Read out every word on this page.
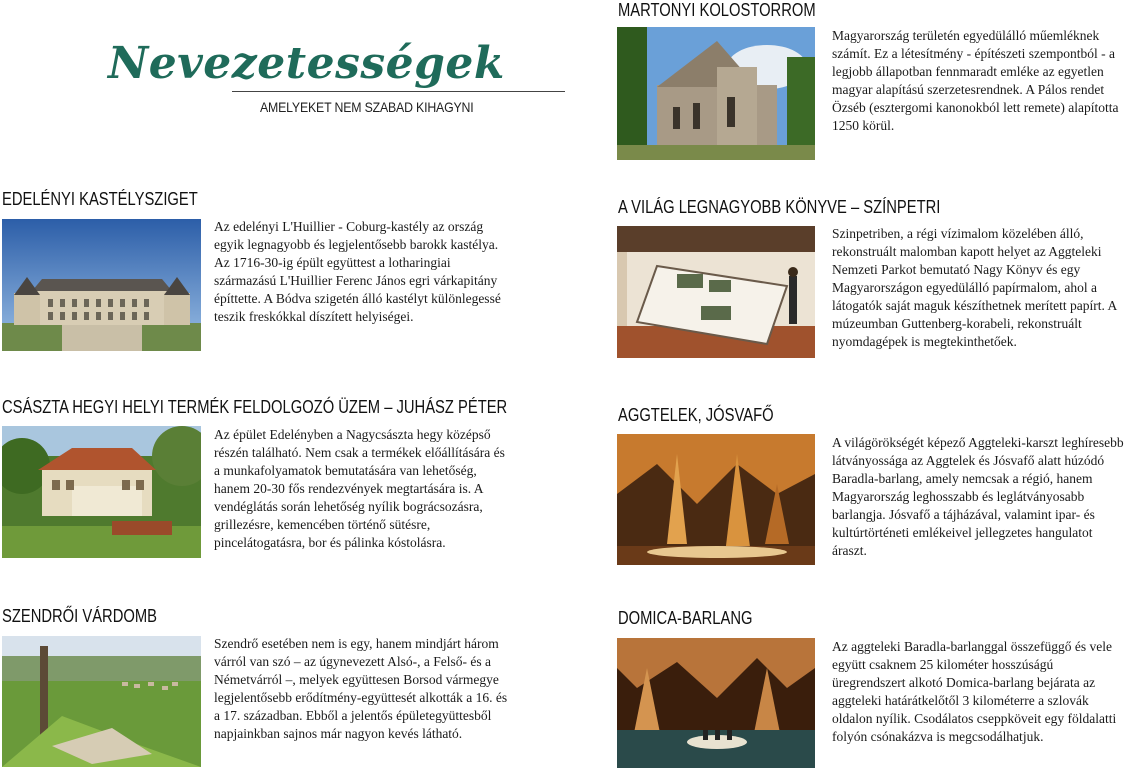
Nevezetességek
AMELYEKET NEM SZABAD KIHAGYNI
EDELÉNYI KASTÉLYSZIGET

Az edelényi L'Huillier - Coburg-kastély az ország egyik legnagyobb és legjelentősebb barokk kastélya. Az 1716-30-ig épült együttest a lotharingiai származású L'Huillier Ferenc János egri várkapitány építtette. A Bódva szigetén álló kastélyt különlegessé teszik freskókkal díszített helyiségei.

CSÁSZTA HEGYI HELYI TERMÉK FELDOLGOZÓ ÜZEM – JUHÁSZ PÉTER

Az épület Edelényben a Nagycsászta hegy középső részén található. Nem csak a termékek előállítására és a munkafolyamatok bemutatására van lehetőség, hanem 20-30 fős rendezvények megtartására is. A vendéglátás során lehetőség nyílik bográcsozásra, grillezésre, kemencében történő sütésre, pincelátogatásra, bor és pálinka kóstolásra.

SZENDRŐI VÁRDOMB

Szendrő esetében nem is egy, hanem mindjárt három várról van szó – az úgynevezett Alsó-, a Felső- és a Németvárról –, melyek együttesen Borsod vármegye legjelentősebb erődítmény-együttesét alkották a 16. és a 17. században. Ebből a jelentős épületegyüttesből napjainkban sajnos már nagyon kevés látható.

MARTONYI KOLOSTORROM

Magyarország területén egyedülálló műemléknek számít. Ez a létesítmény - építészeti szempontból - a legjobb állapotban fennmaradt emléke az egyetlen magyar alapítású szerzetesrendnek. A Pálos rendet Özséb (esztergomi kanonokból lett remete) alapította 1250 körül.

A VILÁG LEGNAGYOBB KÖNYVE – SZÍNPETRI

Szinpetriben, a régi vízimalom közelében álló, rekonstruált malomban kapott helyet az Aggteleki Nemzeti Parkot bemutató Nagy Könyv és egy Magyarországon egyedülálló papírmalom, ahol a látogatók saját maguk készíthetnek merített papírt. A múzeumban Guttenberg-korabeli, rekonstruált nyomdagépek is megtekinthetőek.

AGGTELEK, JÓSVAFŐ

A világörökségét képező Aggteleki-karszt leghíresebb látványossága az Aggtelek és Jósvafő alatt húzódó Baradla-barlang, amely nemcsak a régió, hanem Magyarország leghosszabb és leglátványosabb barlangja. Jósvafő a tájházával, valamint ipar- és kultúrtörténeti emlékeivel jellegzetes hangulatot áraszt.

DOMICA-BARLANG

Az aggteleki Baradla-barlanggal összefüggő és vele együtt csaknem 25 kilométer hosszúságú üregrendszert alkotó Domica-barlang bejárata az aggteleki határátkelőtől 3 kilométerre a szlovák oldalon nyílik. Csodálatos cseppköveit egy földalatti folyón csónakázva is megcsodálhatjuk.
